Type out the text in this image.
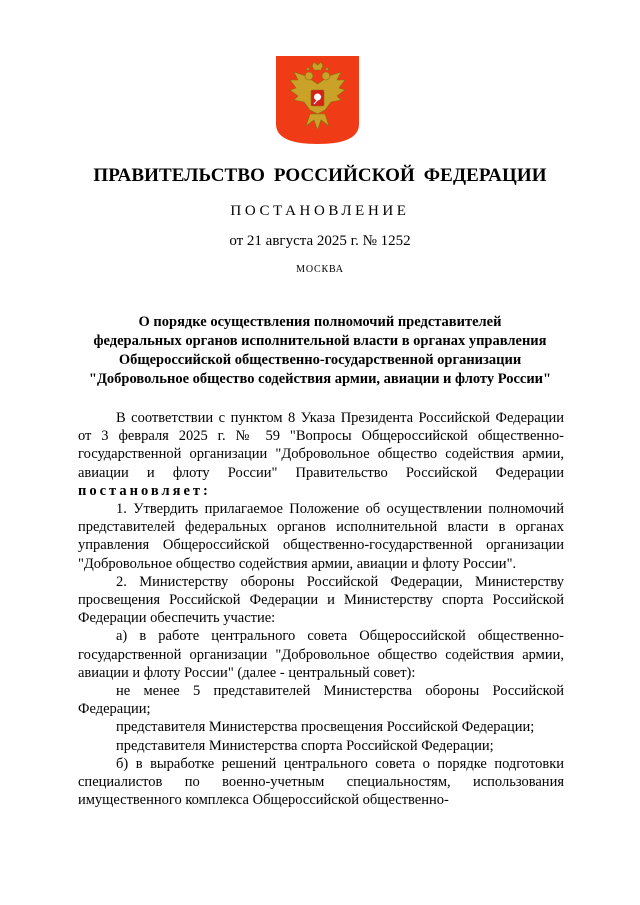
ПРАВИТЕЛЬСТВО РОССИЙСКОЙ ФЕДЕРАЦИИ
ПОСТАНОВЛЕНИЕ
от 21 августа 2025 г. № 1252
МОСКВА
О порядке осуществления полномочий представителей
федеральных органов исполнительной власти в органах управления
Общероссийской общественно-государственной организации
"Добровольное общество содействия армии, авиации и флоту России"

В соответствии с пунктом 8 Указа Президента Российской Федерации от 3 февраля 2025 г. № 59 "Вопросы Общероссийской общественно-государственной организации "Добровольное общество содействия армии, авиации и флоту России" Правительство Российской Федерации постановляет:

1. Утвердить прилагаемое Положение об осуществлении полномочий представителей федеральных органов исполнительной власти в органах управления Общероссийской общественно-государственной организации "Добровольное общество содействия армии, авиации и флоту России".

2. Министерству обороны Российской Федерации, Министерству просвещения Российской Федерации и Министерству спорта Российской Федерации обеспечить участие:

а) в работе центрального совета Общероссийской общественно-государственной организации "Добровольное общество содействия армии, авиации и флоту России" (далее - центральный совет):

не менее 5 представителей Министерства обороны Российской Федерации;

представителя Министерства просвещения Российской Федерации;

представителя Министерства спорта Российской Федерации;

б) в выработке решений центрального совета о порядке подготовки специалистов по военно-учетным специальностям, использования имущественного комплекса Общероссийской общественно-
